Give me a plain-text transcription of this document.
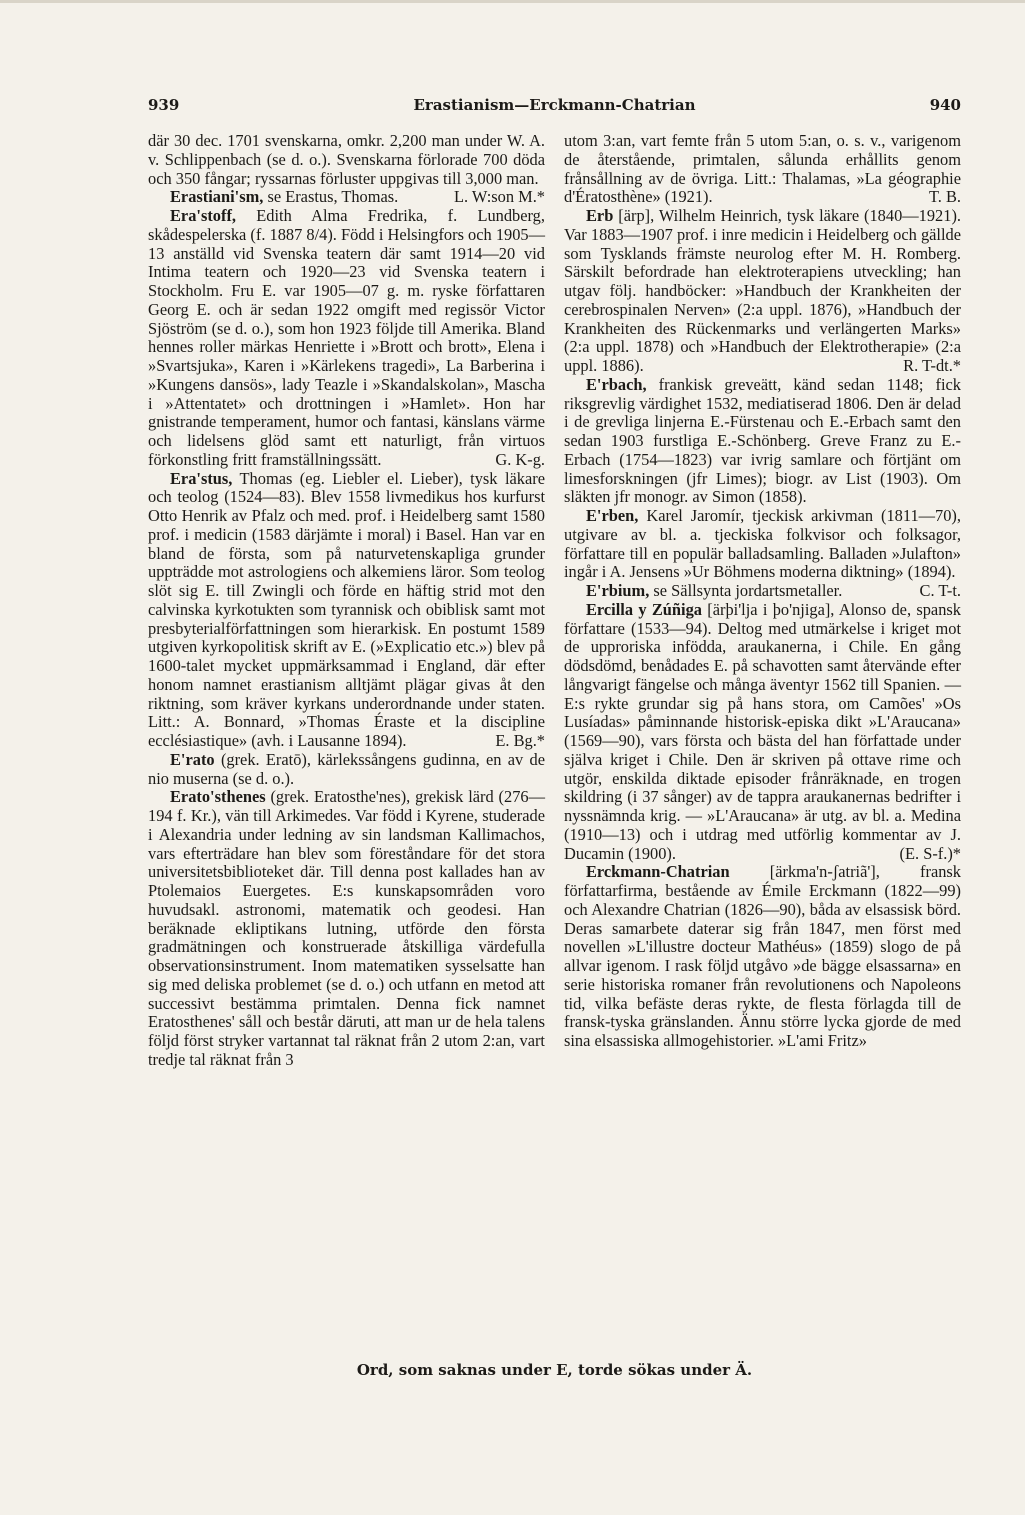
939	Erastianism—Erckmann-Chatrian	940

där 30 dec. 1701 svenskarna, omkr. 2,200 man under W. A. v. Schlippenbach (se d. o.). Svenskarna förlorade 700 döda och 350 fångar; ryssarnas förluster uppgivas till 3,000 man.
L. W:son M.*

Erastiani'sm, se Erastus, Thomas.

Era'stoff, Edith Alma Fredrika, f. Lundberg, skådespelerska (f. 1887 8/4). Född i Helsingfors och 1905—13 anställd vid Svenska teatern där samt 1914—20 vid Intima teatern och 1920—23 vid Svenska teatern i Stockholm. Fru E. var 1905—07 g. m. ryske författaren Georg E. och är sedan 1922 omgift med regissör Victor Sjöström (se d. o.), som hon 1923 följde till Amerika. Bland hennes roller märkas Henriette i »Brott och brott», Elena i »Svartsjuka», Karen i »Kärlekens tragedi», La Barberina i »Kungens dansös», lady Teazle i »Skandalskolan», Mascha i »Attentatet» och drottningen i »Hamlet». Hon har gnistrande temperament, humor och fantasi, känslans värme och lidelsens glöd samt ett naturligt, från virtuos förkonstling fritt framställningssätt.	G. K-g.

Era'stus, Thomas (eg. Liebler el. Lieber), tysk läkare och teolog (1524—83). Blev 1558 livmedikus hos kurfurst Otto Henrik av Pfalz och med. prof. i Heidelberg samt 1580 prof. i medicin (1583 därjämte i moral) i Basel. Han var en bland de första, som på naturvetenskapliga grunder uppträdde mot astrologiens och alkemiens läror. Som teolog slöt sig E. till Zwingli och förde en häftig strid mot den calvinska kyrkotukten som tyrannisk och obiblisk samt mot presbyterialförfattningen som hierarkisk. En postumt 1589 utgiven kyrkopolitisk skrift av E. (»Explicatio etc.») blev på 1600-talet mycket uppmärksammad i England, där efter honom namnet erastianism alltjämt plägar givas åt den riktning, som kräver kyrkans underordnande under staten. Litt.: A. Bonnard, »Thomas Éraste et la discipline ecclésiastique» (avh. i Lausanne 1894).	E. Bg.*

E'rato (grek. Eratō), kärlekssångens gudinna, en av de nio muserna (se d. o.).

Erato'sthenes (grek. Eratosthe'nes), grekisk lärd (276—194 f. Kr.), vän till Arkimedes. Var född i Kyrene, studerade i Alexandria under ledning av sin landsman Kallimachos, vars efterträdare han blev som föreståndare för det stora universitetsbiblioteket där. Till denna post kallades han av Ptolemaios Euergetes. E:s kunskapsområden voro huvudsakl. astronomi, matematik och geodesi. Han beräknade ekliptikans lutning, utförde den första gradmätningen och konstruerade åtskilliga värdefulla observationsinstrument. Inom matematiken sysselsatte han sig med deliska problemet (se d. o.) och utfann en metod att successivt bestämma primtalen. Denna fick namnet Eratosthenes' såll och består däruti, att man ur de hela talens följd först stryker vartannat tal räknat från 2 utom 2:an, vart tredje tal räknat från 3

utom 3:an, vart femte från 5 utom 5:an, o. s. v., varigenom de återstående, primtalen, sålunda erhållits genom frånsållning av de övriga. Litt.: Thalamas, »La géographie d'Ératosthène» (1921).	T. B.

Erb [ärp], Wilhelm Heinrich, tysk läkare (1840—1921). Var 1883—1907 prof. i inre medicin i Heidelberg och gällde som Tysklands främste neurolog efter M. H. Romberg. Särskilt befordrade han elektroterapiens utveckling; han utgav följ. handböcker: »Handbuch der Krankheiten der cerebrospinalen Nerven» (2:a uppl. 1876), »Handbuch der Krankheiten des Rückenmarks und verlängerten Marks» (2:a uppl. 1878) och »Handbuch der Elektrotherapie» (2:a uppl. 1886).	R. T-dt.*

E'rbach, frankisk greveätt, känd sedan 1148; fick riksgrevlig värdighet 1532, mediatiserad 1806. Den är delad i de grevliga linjerna E.-Fürstenau och E.-Erbach samt den sedan 1903 furstliga E.-Schönberg. Greve Franz zu E.-Erbach (1754—1823) var ivrig samlare och förtjänt om limesforskningen (jfr Limes); biogr. av List (1903). Om släkten jfr monogr. av Simon (1858).

E'rben, Karel Jaromír, tjeckisk arkivman (1811—70), utgivare av bl. a. tjeckiska folkvisor och folksagor, författare till en populär balladsamling. Balladen »Julafton» ingår i A. Jensens »Ur Böhmens moderna diktning» (1894).
C. T-t.

E'rbium, se Sällsynta jordartsmetaller.

Ercilla y Zúñiga [ärþi'lja i þo'njiga], Alonso de, spansk författare (1533—94). Deltog med utmärkelse i kriget mot de upproriska infödda, araukanerna, i Chile. En gång dödsdömd, benådades E. på schavotten samt återvände efter långvarigt fängelse och många äventyr 1562 till Spanien. — E:s rykte grundar sig på hans stora, om Camões' »Os Lusíadas» påminnande historisk-episka dikt »L'Araucana» (1569—90), vars första och bästa del han författade under själva kriget i Chile. Den är skriven på ottave rime och utgör, enskilda diktade episoder frånräknade, en trogen skildring (i 37 sånger) av de tappra araukanernas bedrifter i nyssnämnda krig. — »L'Araucana» är utg. av bl. a. Medina (1910—13) och i utdrag med utförlig kommentar av J. Ducamin (1900).	(E. S-f.)*

Erckmann-Chatrian [ärkma'n-ʃatriã'], fransk författarfirma, bestående av Émile Erckmann (1822—99) och Alexandre Chatrian (1826—90), båda av elsassisk börd. Deras samarbete daterar sig från 1847, men först med novellen »L'illustre docteur Mathéus» (1859) slogo de på allvar igenom. I rask följd utgåvo »de bägge elsassarna» en serie historiska romaner från revolutionens och Napoleons tid, vilka befäste deras rykte, de flesta förlagda till de fransk-tyska gränslanden. Ännu större lycka gjorde de med sina elsassiska allmogehistorier. »L'ami Fritz»

Ord, som saknas under E, torde sökas under Ä.
